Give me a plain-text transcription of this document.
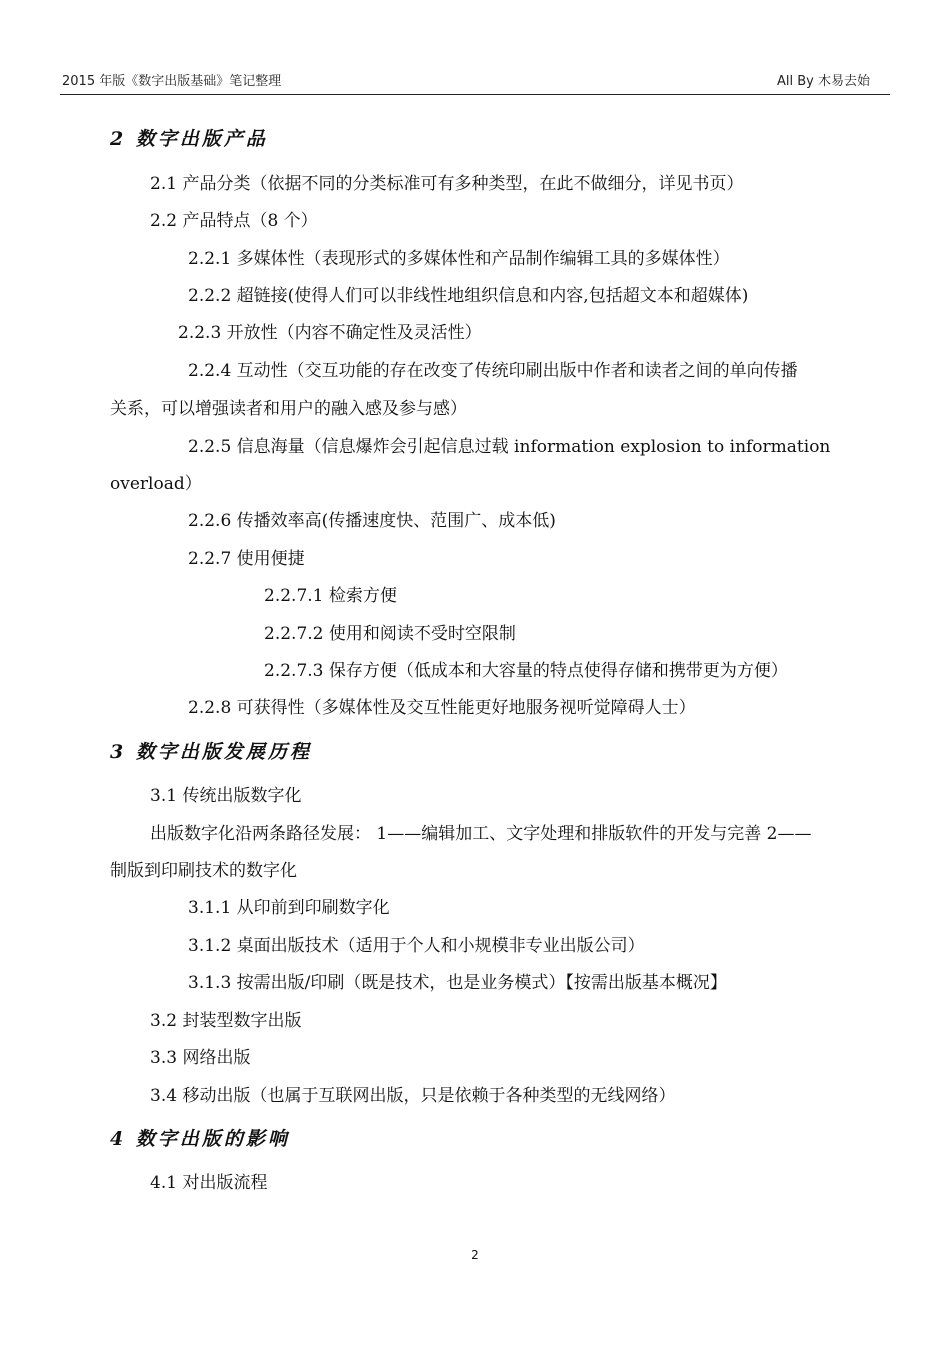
2015 年版《数字出版基础》笔记整理	All By 木易去始
2 数字出版产品
2.1 产品分类（依据不同的分类标准可有多种类型，在此不做细分，详见书页）
2.2 产品特点（8 个）
2.2.1 多媒体性（表现形式的多媒体性和产品制作编辑工具的多媒体性）
2.2.2 超链接(使得人们可以非线性地组织信息和内容,包括超文本和超媒体)
2.2.3 开放性（内容不确定性及灵活性）
2.2.4 互动性（交互功能的存在改变了传统印刷出版中作者和读者之间的单向传播
关系，可以增强读者和用户的融入感及参与感）
2.2.5 信息海量（信息爆炸会引起信息过载 information explosion to information
overload）
2.2.6 传播效率高(传播速度快、范围广、成本低)
2.2.7 使用便捷
2.2.7.1 检索方便
2.2.7.2 使用和阅读不受时空限制
2.2.7.3 保存方便（低成本和大容量的特点使得存储和携带更为方便）
2.2.8 可获得性（多媒体性及交互性能更好地服务视听觉障碍人士）
3 数字出版发展历程
3.1 传统出版数字化
出版数字化沿两条路径发展： 1——编辑加工、文字处理和排版软件的开发与完善 2——
制版到印刷技术的数字化
3.1.1 从印前到印刷数字化
3.1.2 桌面出版技术（适用于个人和小规模非专业出版公司）
3.1.3 按需出版/印刷（既是技术，也是业务模式）【按需出版基本概况】
3.2 封装型数字出版
3.3 网络出版
3.4 移动出版（也属于互联网出版，只是依赖于各种类型的无线网络）
4 数字出版的影响
4.1 对出版流程
2
